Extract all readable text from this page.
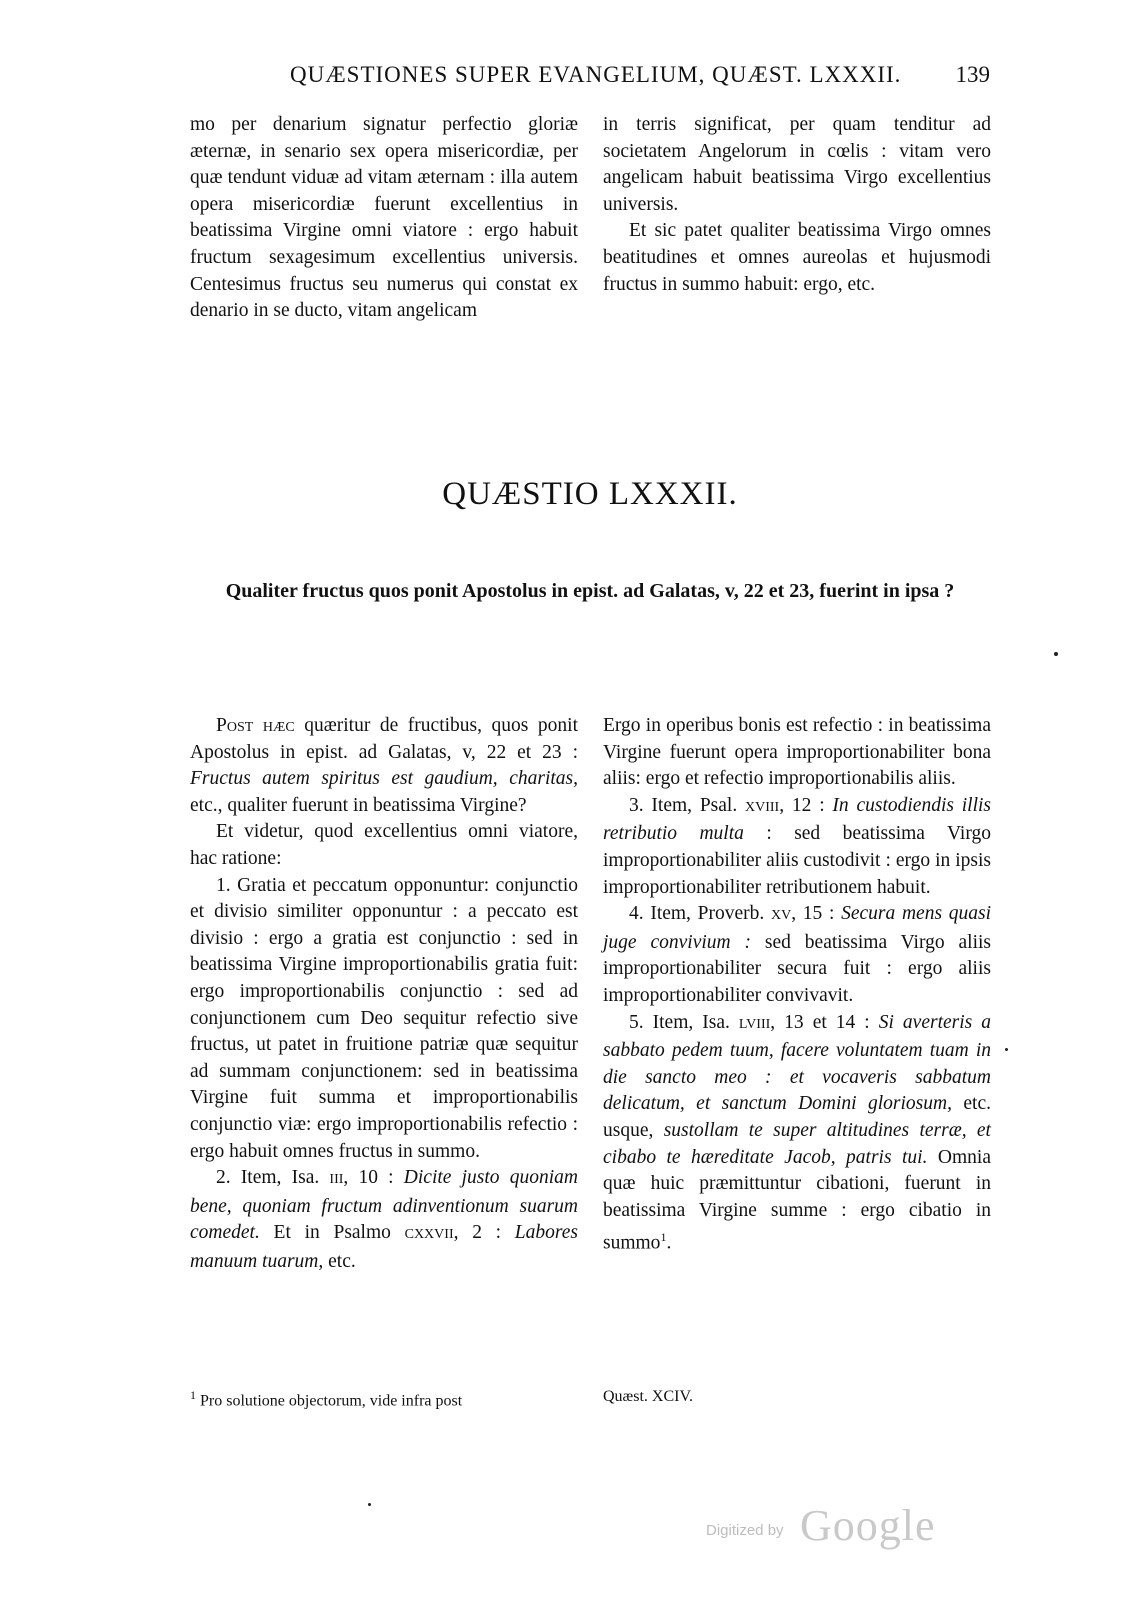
QUÆSTIONES SUPER EVANGELIUM, QUÆST. LXXXII. 139

mo per denarium signatur perfectio gloriæ æternæ, in senario sex opera misericordiæ, per quæ tendunt viduæ ad vitam æternam : illa autem opera misericordiæ fuerunt excellentius in beatissima Virgine omni viatore : ergo habuit fructum sexagesimum excellentius universis. Centesimus fructus seu numerus qui constat ex denario in se ducto, vitam angelicam

in terris significat, per quam tenditur ad societatem Angelorum in cœlis : vitam vero angelicam habuit beatissima Virgo excellentius universis.

Et sic patet qualiter beatissima Virgo omnes beatitudines et omnes aureolas et hujusmodi fructus in summo habuit: ergo, etc.

QUÆSTIO LXXXII.
Qualiter fructus quos ponit Apostolus in epist. ad Galatas, v, 22 et 23, fuerint in ipsa ?

Post hæc quæritur de fructibus, quos ponit Apostolus in epist. ad Galatas, v, 22 et 23 : Fructus autem spiritus est gaudium, charitas, etc., qualiter fuerunt in beatissima Virgine?

Et videtur, quod excellentius omni viatore, hac ratione:

1. Gratia et peccatum opponuntur: conjunctio et divisio similiter opponuntur : a peccato est divisio : ergo a gratia est conjunctio : sed in beatissima Virgine improportionabilis gratia fuit: ergo improportionabilis conjunctio : sed ad conjunctionem cum Deo sequitur refectio sive fructus, ut patet in fruitione patriæ quæ sequitur ad summam conjunctionem: sed in beatissima Virgine fuit summa et improportionabilis conjunctio viæ: ergo improportionabilis refectio : ergo habuit omnes fructus in summo.

2. Item, Isa. III, 10 : Dicite justo quoniam bene, quoniam fructum adinventionum suarum comedet. Et in Psalmo CXXVII, 2 : Labores manuum tuarum, etc.

Ergo in operibus bonis est refectio : in beatissima Virgine fuerunt opera improportionabiliter bona aliis: ergo et refectio improportionabilis aliis.

3. Item, Psal. XVIII, 12 : In custodiendis illis retributio multa : sed beatissima Virgo improportionabiliter aliis custodivit : ergo in ipsis improportionabiliter retributionem habuit.

4. Item, Proverb. XV, 15 : Secura mens quasi juge convivium : sed beatissima Virgo aliis improportionabiliter secura fuit : ergo aliis improportionabiliter convivavit.

5. Item, Isa. LVIII, 13 et 14 : Si averteris a sabbato pedem tuum, facere voluntatem tuam in die sancto meo : et vocaveris sabbatum delicatum, et sanctum Domini gloriosum, etc. usque, sustollam te super altitudines terræ, et cibabo te hæreditate Jacob, patris tui. Omnia quæ huic præmittuntur cibationi, fuerunt in beatissima Virgine summe : ergo cibatio in summo$^1$.

$^1$ Pro solutione objectorum, vide infra post	Quæst. XCIV.
Digitized by Google
